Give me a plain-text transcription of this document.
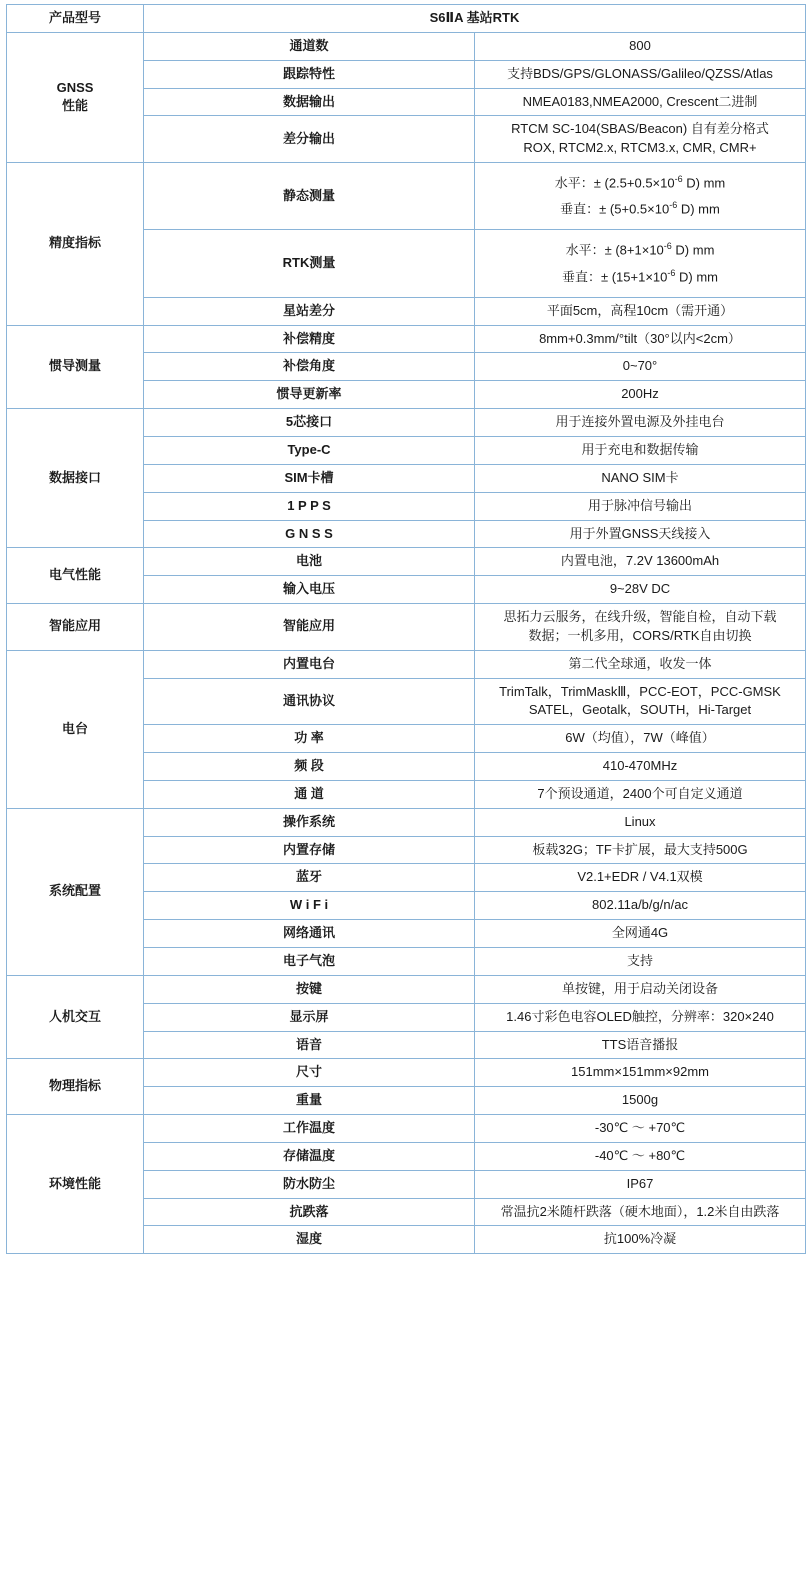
产品型号	S6ⅡA 基站RTK	

GNSS
性能	通道数	800

	跟踪特性	支持BDS/GPS/GLONASS/Galileo/QZSS/Atlas

	数据输出	NMEA0183,NMEA2000, Crescent二进制

	差分输出	RTCM SC-104(SBAS/Beacon) 自有差分格式
ROX, RTCM2.x, RTCM3.x, CMR, CMR+

精度指标	静态测量	水平：± ($2.5+0.5\times 10^{-6}$ D) mm
垂直：± ($5+0.5\times 10^{-6}$ D) mm

	RTK测量	水平：± ($8+1\times 10^{-6}$ D) mm
垂直：± ($15+1\times 10^{-6}$ D) mm

	星站差分	平面5cm，高程10cm（需开通）

惯导测量	补偿精度	8mm+0.3mm/°tilt（30°以内<2cm）

	补偿角度	0~70°

	惯导更新率	200Hz

数据接口	5芯接口	用于连接外置电源及外挂电台

	Type-C	用于充电和数据传输

	SIM卡槽	NANO SIM卡

	1 P P S	用于脉冲信号输出

	G N S S	用于外置GNSS天线接入

电气性能	电池	内置电池，7.2V 13600mAh

	输入电压	9~28V DC

智能应用	智能应用	思拓力云服务，在线升级，智能自检，自动下载
数据；一机多用，CORS/RTK自由切换

电台	内置电台	第二代全球通，收发一体

	通讯协议	TrimTalk，TrimMaskⅢ，PCC-EOT，PCC-GMSK
SATEL，Geotalk，SOUTH，Hi-Target

	功 率	6W（均值），7W（峰值）

	频 段	410-470MHz

	通 道	7个预设通道，2400个可自定义通道

系统配置	操作系统	Linux

	内置存储	板载32G；TF卡扩展，最大支持500G

	蓝牙	V2.1+EDR / V4.1双模

	W i F i	802.11a/b/g/n/ac

	网络通讯	全网通4G

	电子气泡	支持

人机交互	按键	单按键，用于启动关闭设备

	显示屏	1.46寸彩色电容OLED触控，分辨率：320×240

	语音	TTS语音播报

物理指标	尺寸	151mm×151mm×92mm

	重量	1500g

环境性能	工作温度	-30℃ ～ +70℃

	存储温度	-40℃ ～ +80℃

	防水防尘	IP67

	抗跌落	常温抗2米随杆跌落（硬木地面），1.2米自由跌落

	湿度	抗100%冷凝
